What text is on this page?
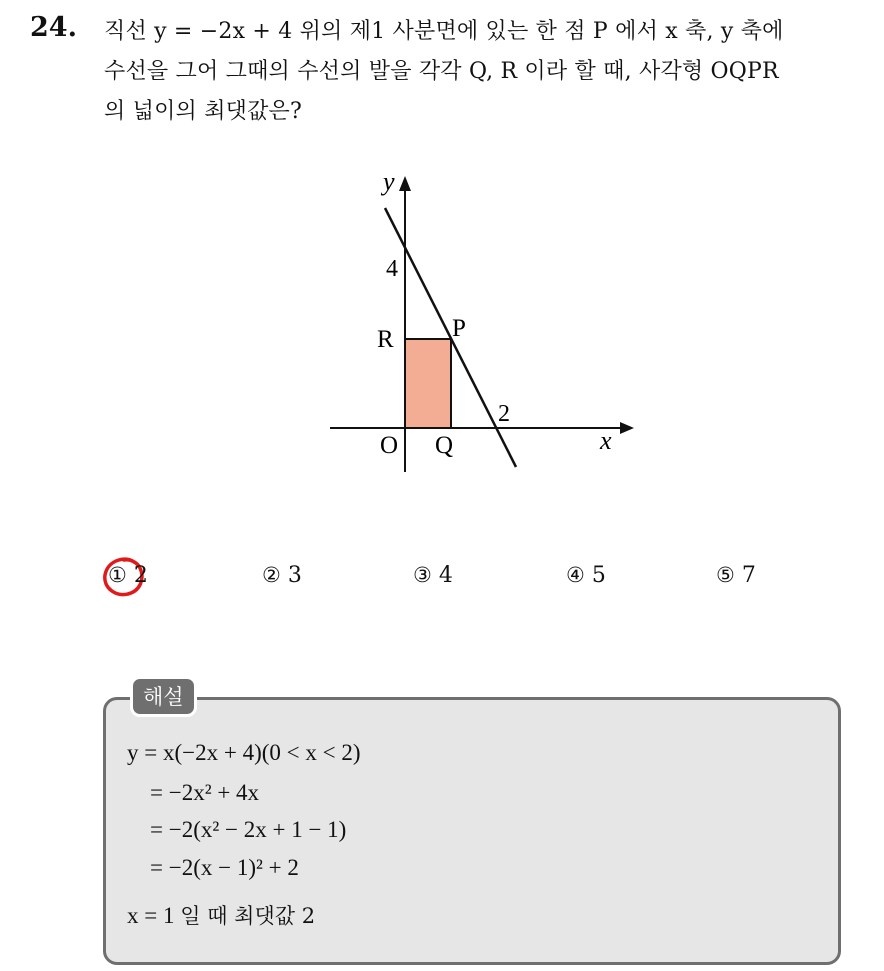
24. 직선 y = −2x + 4 위의 제1 사분면에 있는 한 점 P 에서 x 축, y 축에
수선을 그어 그때의 수선의 발을 각각 Q, R 이라 할 때, 사각형 OQPR
의 넓이의 최댓값은?
y
x
4
2
R P
O Q
① 2	② 3	③ 4	④ 5	⑤ 7
해설
y = x(−2x + 4)(0 < x < 2)
= −2x² + 4x
= −2(x² − 2x + 1 − 1)
= −2(x − 1)² + 2
x = 1 일 때 최댓값 2
